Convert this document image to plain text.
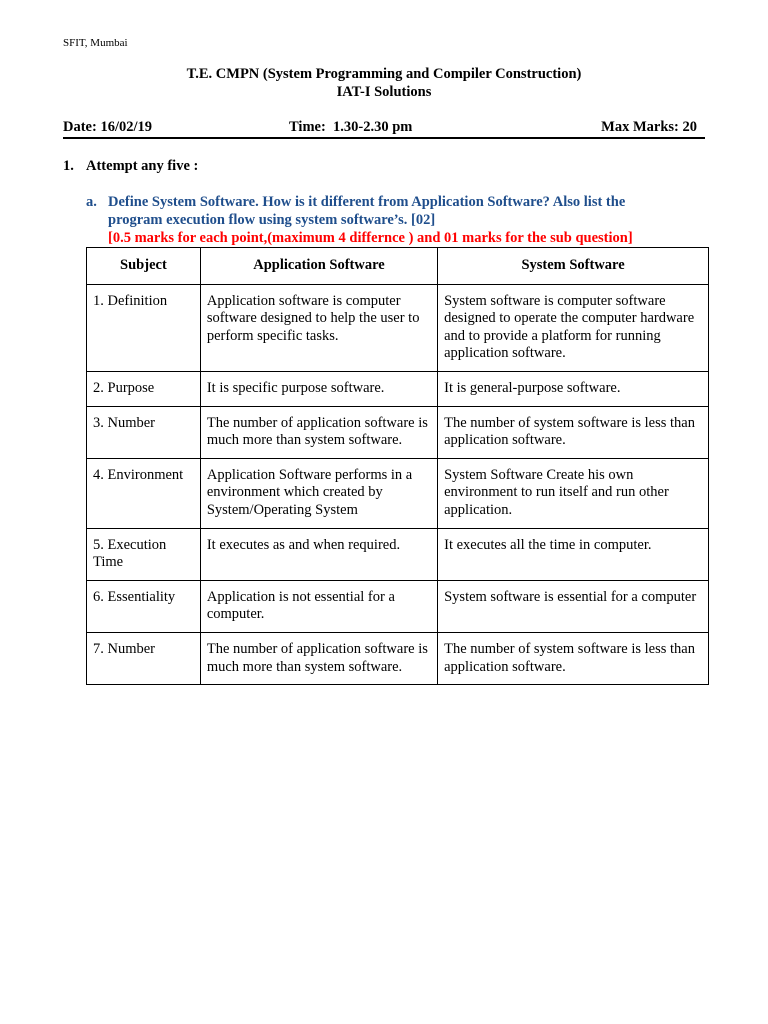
SFIT, Mumbai
T.E. CMPN (System Programming and Compiler Construction)
IAT-I Solutions
Date: 16/02/19	Time:  1.30-2.30 pm	Max Marks: 20
1. Attempt any five :
a. Define System Software. How is it different from Application Software? Also list the
program execution flow using system software’s. [02]
[0.5 marks for each point,(maximum 4 differnce ) and 01 marks for the sub question]
Subject	Application Software	System Software
1. Definition	Application software is computer software designed to help the user to perform specific tasks.	System software is computer software designed to operate the computer hardware and to provide a platform for running application software.
2. Purpose	It is specific purpose software.	It is general-purpose software.
3. Number	The number of application software is much more than system software.	The number of system software is less than application software.
4. Environment	Application Software performs in a environment which created by System/Operating System	System Software Create his own environment to run itself and run other application.
5. Execution Time	It executes as and when required.	It executes all the time in computer.
6. Essentiality	Application is not essential for a computer.	System software is essential for a computer
7. Number	The number of application software is much more than system software.	The number of system software is less than application software.
